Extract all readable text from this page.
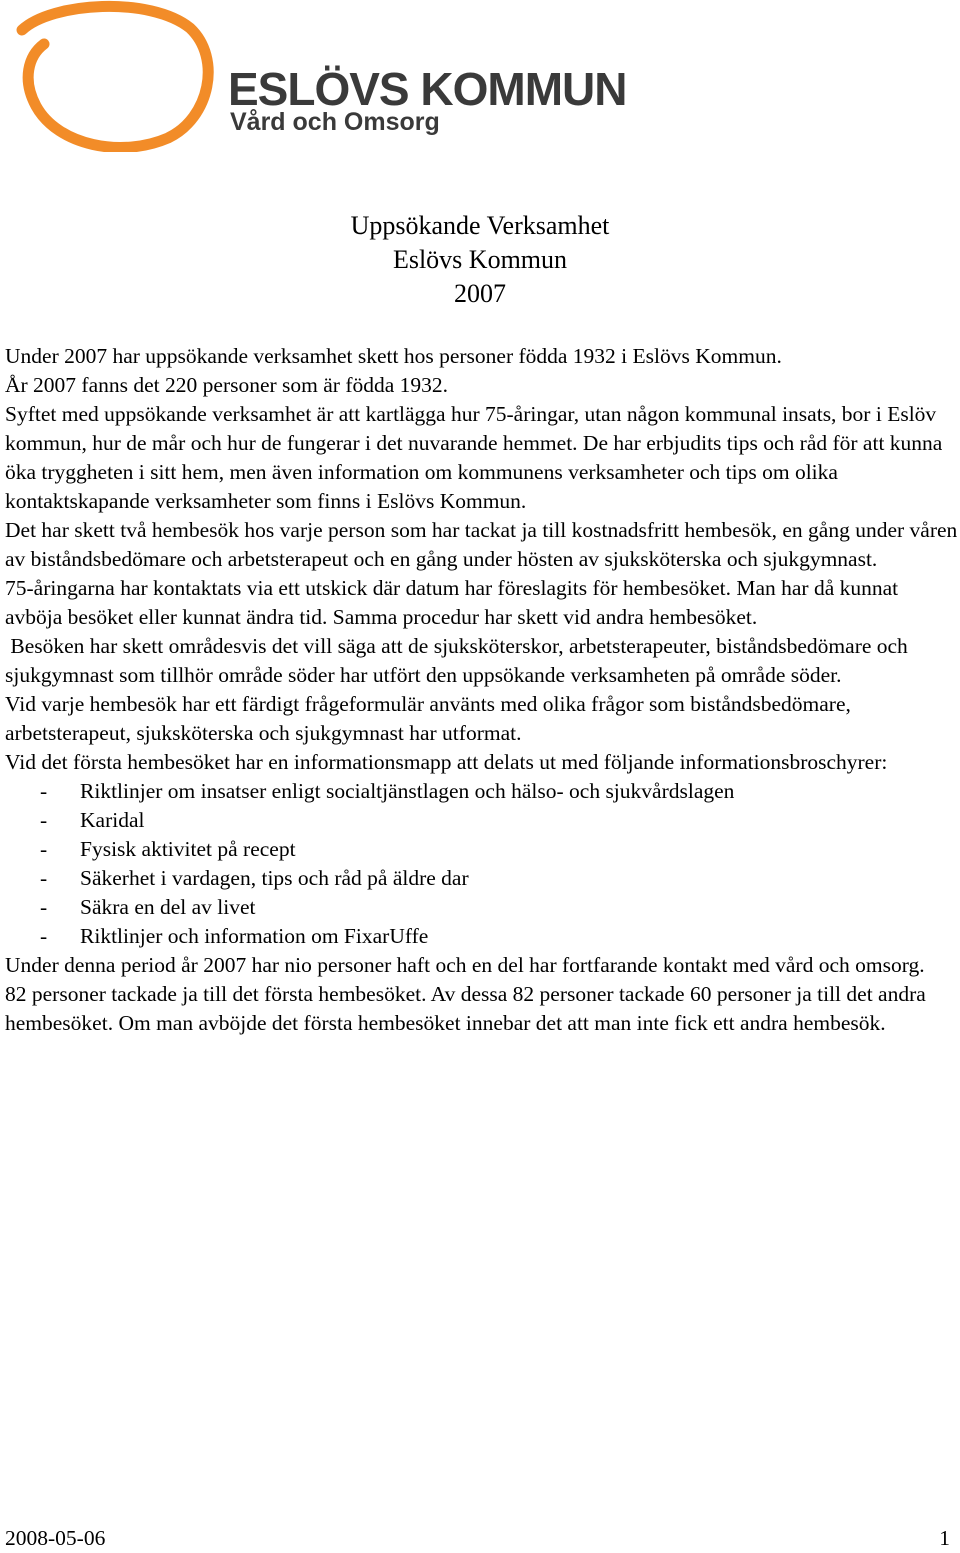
ESLÖVS KOMMUN
Vård och Omsorg
Uppsökande Verksamhet
Eslövs Kommun
2007

Under 2007 har uppsökande verksamhet skett hos personer födda 1932 i Eslövs Kommun.

År 2007 fanns det 220 personer som är födda 1932.

Syftet med uppsökande verksamhet är att kartlägga hur 75-åringar, utan någon kommunal insats, bor i Eslöv kommun, hur de mår och hur de fungerar i det nuvarande hemmet. De har erbjudits tips och råd för att kunna öka tryggheten i sitt hem, men även information om kommunens verksamheter och tips om olika kontaktskapande verksamheter som finns i Eslövs Kommun.

Det har skett två hembesök hos varje person som har tackat ja till kostnadsfritt hembesök, en gång under våren av biståndsbedömare och arbetsterapeut och en gång under hösten av sjuksköterska och sjukgymnast.

75-åringarna har kontaktats via ett utskick där datum har föreslagits för hembesöket. Man har då kunnat avböja besöket eller kunnat ändra tid. Samma procedur har skett vid andra hembesöket.

Besöken har skett områdesvis det vill säga att de sjuksköterskor, arbetsterapeuter, biståndsbedömare och sjukgymnast som tillhör område söder har utfört den uppsökande verksamheten på område söder.

Vid varje hembesök har ett färdigt frågeformulär använts med olika frågor som biståndsbedömare, arbetsterapeut, sjuksköterska och sjukgymnast har utformat.

Vid det första hembesöket har en informationsmapp att delats ut med följande informationsbroschyrer:

- Riktlinjer om insatser enligt socialtjänstlagen och hälso- och sjukvårdslagen
- Karidal
- Fysisk aktivitet på recept
- Säkerhet i vardagen, tips och råd på äldre dar
- Säkra en del av livet
- Riktlinjer och information om FixarUffe

Under denna period år 2007 har nio personer haft och en del har fortfarande kontakt med vård och omsorg.

82 personer tackade ja till det första hembesöket. Av dessa 82 personer tackade 60 personer ja till det andra hembesöket. Om man avböjde det första hembesöket innebar det att man inte fick ett andra hembesök.

2008-05-06	1
